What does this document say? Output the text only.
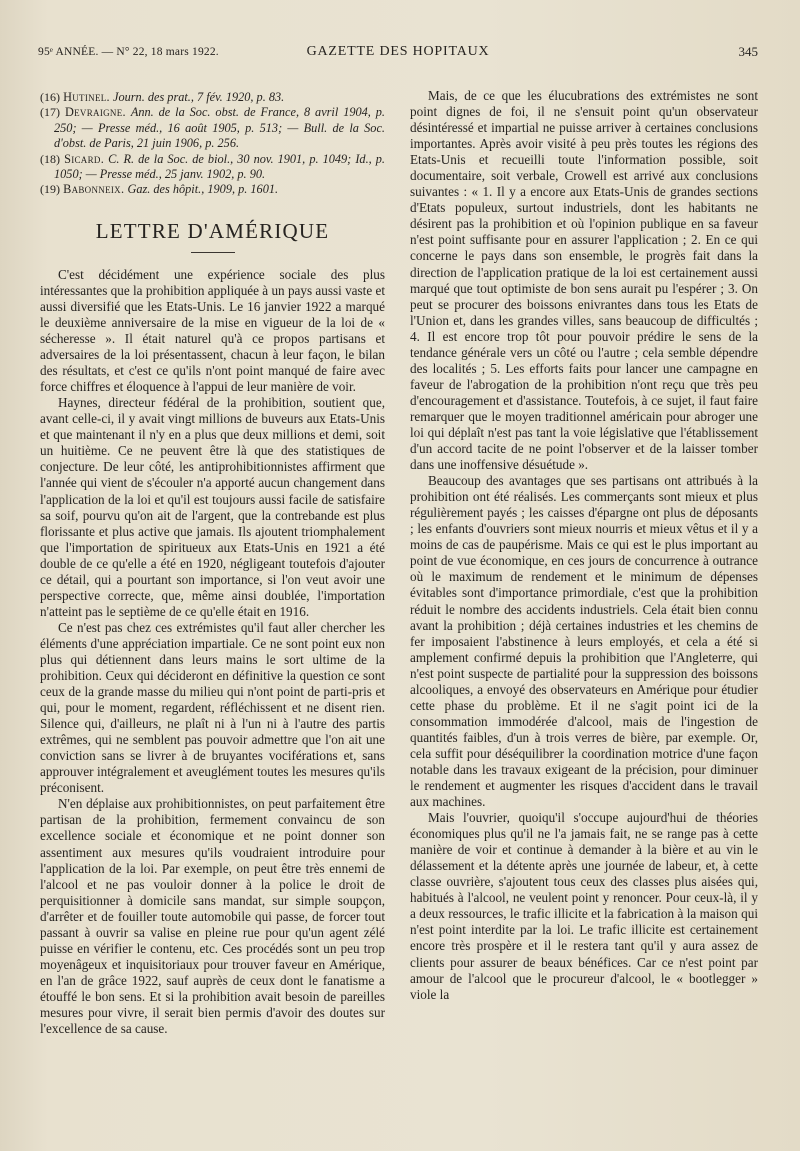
95ᵉ ANNÉE. — N° 22, 18 mars 1922.	GAZETTE DES HOPITAUX	345

(16) Hutinel. Journ. des prat., 7 fév. 1920, p. 83.

(17) Devraigne. Ann. de la Soc. obst. de France, 8 avril 1904, p. 250; — Presse méd., 16 août 1905, p. 513; — Bull. de la Soc. d'obst. de Paris, 21 juin 1906, p. 256.

(18) Sicard. C. R. de la Soc. de biol., 30 nov. 1901, p. 1049; Id., p. 1050; — Presse méd., 25 janv. 1902, p. 90.

(19) Babonneix. Gaz. des hôpit., 1909, p. 1601.

LETTRE D'AMÉRIQUE

C'est décidément une expérience sociale des plus intéressantes que la prohibition appliquée à un pays aussi vaste et aussi diversifié que les Etats-Unis. Le 16 janvier 1922 a marqué le deuxième anniversaire de la mise en vigueur de la loi de « sécheresse ». Il était naturel qu'à ce propos partisans et adversaires de la loi présentassent, chacun à leur façon, le bilan des résultats, et c'est ce qu'ils n'ont point manqué de faire avec force chiffres et éloquence à l'appui de leur manière de voir.

Haynes, directeur fédéral de la prohibition, soutient que, avant celle-ci, il y avait vingt millions de buveurs aux Etats-Unis et que maintenant il n'y en a plus que deux millions et demi, soit un huitième. Ce ne peuvent être là que des statistiques de conjecture. De leur côté, les antiprohibitionnistes affirment que l'année qui vient de s'écouler n'a apporté aucun changement dans l'application de la loi et qu'il est toujours aussi facile de satisfaire sa soif, pourvu qu'on ait de l'argent, que la contrebande est plus florissante et plus active que jamais. Ils ajoutent triomphalement que l'importation de spiritueux aux Etats-Unis en 1921 a été double de ce qu'elle a été en 1920, négligeant toutefois d'ajouter ce détail, qui a pourtant son importance, si l'on veut avoir une perspective correcte, que, même ainsi doublée, l'importation n'atteint pas le septième de ce qu'elle était en 1916.

Ce n'est pas chez ces extrémistes qu'il faut aller chercher les éléments d'une appréciation impartiale. Ce ne sont point eux non plus qui détiennent dans leurs mains le sort ultime de la prohibition. Ceux qui décideront en définitive la question ce sont ceux de la grande masse du milieu qui n'ont point de parti-pris et qui, pour le moment, regardent, réfléchissent et ne disent rien. Silence qui, d'ailleurs, ne plaît ni à l'un ni à l'autre des partis extrêmes, qui ne semblent pas pouvoir admettre que l'on ait une conviction sans se livrer à de bruyantes vociférations et, sans approuver intégralement et aveuglément toutes les mesures qu'ils préconisent.

N'en déplaise aux prohibitionnistes, on peut parfaitement être partisan de la prohibition, fermement convaincu de son excellence sociale et économique et ne point donner son assentiment aux mesures qu'ils voudraient introduire pour l'application de la loi. Par exemple, on peut être très ennemi de l'alcool et ne pas vouloir donner à la police le droit de perquisitionner à domicile sans mandat, sur simple soupçon, d'arrêter et de fouiller toute automobile qui passe, de forcer tout passant à ouvrir sa valise en pleine rue pour qu'un agent zélé puisse en vérifier le contenu, etc. Ces procédés sont un peu trop moyenâgeux et inquisitoriaux pour trouver faveur en Amérique, en l'an de grâce 1922, sauf auprès de ceux dont le fanatisme a étouffé le bon sens. Et si la prohibition avait besoin de pareilles mesures pour vivre, il serait bien permis d'avoir des doutes sur l'excellence de sa cause.

Mais, de ce que les élucubrations des extrémistes ne sont point dignes de foi, il ne s'ensuit point qu'un observateur désintéressé et impartial ne puisse arriver à certaines conclusions importantes. Après avoir visité à peu près toutes les régions des Etats-Unis et recueilli toute l'information possible, soit documentaire, soit verbale, Crowell est arrivé aux conclusions suivantes : « 1. Il y a encore aux Etats-Unis de grandes sections d'Etats populeux, surtout industriels, dont les habitants ne désirent pas la prohibition et où l'opinion publique en sa faveur n'est point suffisante pour en assurer l'application ; 2. En ce qui concerne le pays dans son ensemble, le progrès fait dans la direction de l'application pratique de la loi est certainement aussi marqué que tout optimiste de bon sens aurait pu l'espérer ; 3. On peut se procurer des boissons enivrantes dans tous les Etats de l'Union et, dans les grandes villes, sans beaucoup de difficultés ; 4. Il est encore trop tôt pour pouvoir prédire le sens de la tendance générale vers un côté ou l'autre ; cela semble dépendre des localités ; 5. Les efforts faits pour lancer une campagne en faveur de l'abrogation de la prohibition n'ont reçu que très peu d'encouragement et d'assistance. Toutefois, à ce sujet, il faut faire remarquer que le moyen traditionnel américain pour abroger une loi qui déplaît n'est pas tant la voie législative que l'établissement d'un accord tacite de ne point l'observer et de la laisser tomber dans une inoffensive désuétude ».

Beaucoup des avantages que ses partisans ont attribués à la prohibition ont été réalisés. Les commerçants sont mieux et plus régulièrement payés ; les caisses d'épargne ont plus de déposants ; les enfants d'ouvriers sont mieux nourris et mieux vêtus et il y a moins de cas de paupérisme. Mais ce qui est le plus important au point de vue économique, en ces jours de concurrence à outrance où le maximum de rendement et le minimum de dépenses évitables sont d'importance primordiale, c'est que la prohibition réduit le nombre des accidents industriels. Cela était bien connu avant la prohibition ; déjà certaines industries et les chemins de fer imposaient l'abstinence à leurs employés, et cela a été si amplement confirmé depuis la prohibition que l'Angleterre, qui n'est point suspecte de partialité pour la suppression des boissons alcooliques, a envoyé des observateurs en Amérique pour étudier cette phase du problème. Et il ne s'agit point ici de la consommation immodérée d'alcool, mais de l'ingestion de quantités faibles, d'un à trois verres de bière, par exemple. Or, cela suffit pour déséquilibrer la coordination motrice d'une façon notable dans les travaux exigeant de la précision, pour diminuer le rendement et augmenter les risques d'accident dans le travail aux machines.

Mais l'ouvrier, quoiqu'il s'occupe aujourd'hui de théories économiques plus qu'il ne l'a jamais fait, ne se range pas à cette manière de voir et continue à demander à la bière et au vin le délassement et la détente après une journée de labeur, et, à cette classe ouvrière, s'ajoutent tous ceux des classes plus aisées qui, habitués à l'alcool, ne veulent point y renoncer. Pour ceux-là, il y a deux ressources, le trafic illicite et la fabrication à la maison qui n'est point interdite par la loi. Le trafic illicite est certainement encore très prospère et il le restera tant qu'il y aura assez de clients pour assurer de beaux bénéfices. Car ce n'est point par amour de l'alcool que le procureur d'alcool, le « bootlegger » viole la
